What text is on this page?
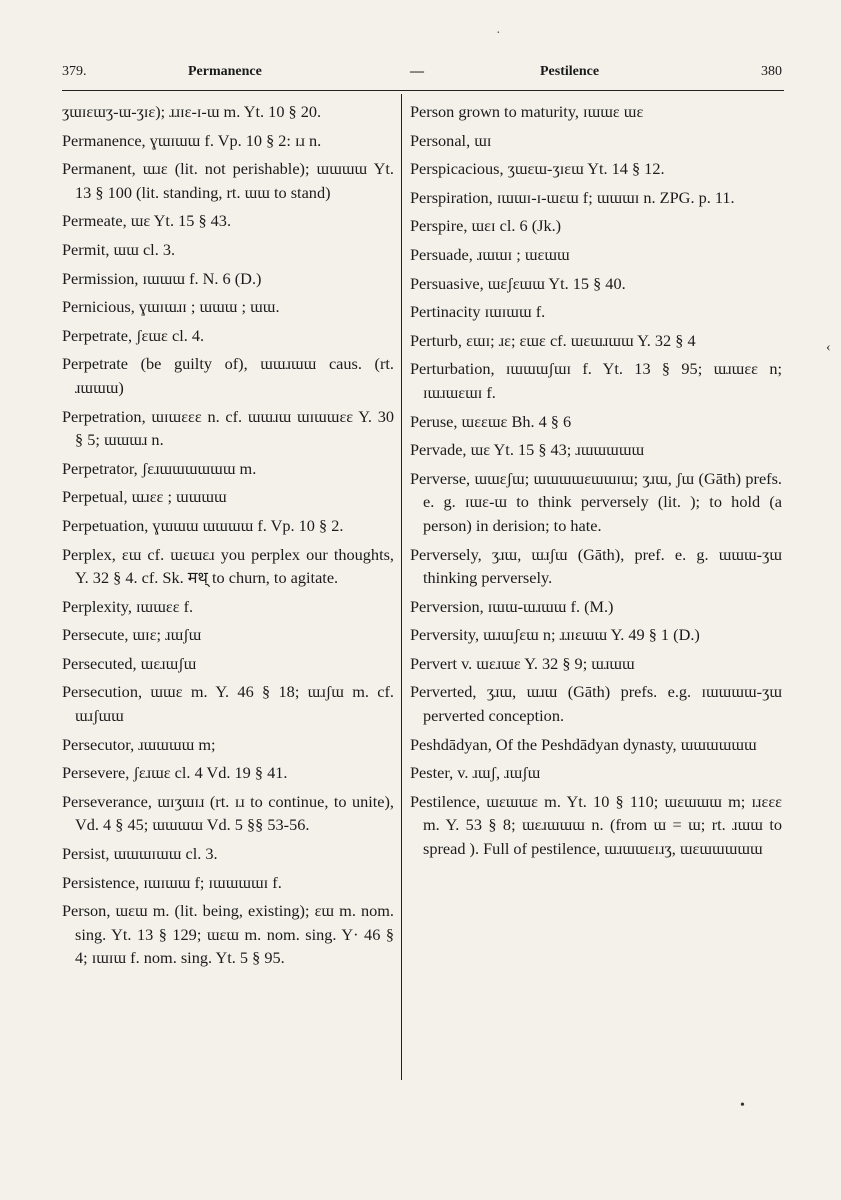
·
379.	Permanence	—	Pestilence	380

ʒɯɪɛɯʒ-ɯ-ʒɪɛ); ɹɹɪɛ-ɪ-ɯ m. Yt. 10 § 20.

Permanence, ɣɯɪɯɯ f. Vp. 10 § 2: ɪɹ n.

Permanent, ɯɹɛ (lit. not perishable); ɯɯɯɯ Yt. 13 § 100 (lit. standing, rt. ɯɯ to stand)

Permeate, ɯɛ Yt. 15 § 43.

Permit, ɯɯ cl. 3.

Permission, ɪɯɯɯ f. N. 6 (D.)

Pernicious, ɣɯɪɯɹɪ ; ɯɯɯ ; ɯɯ.

Perpetrate, ʃɛɯɛ cl. 4.

Perpetrate (be guilty of), ɯɯɹɯɯ caus. (rt. ɹɯɯɯ)

Perpetration, ɯɪɯɛɛɛ n. cf. ɯɯɹɯ ɯɪɯɯɛɛ Y. 30 § 5; ɯɯɯɹ n.

Perpetrator, ʃɛɹɯɯɯɯɯɯ m.

Perpetual, ɯɹɛɛ ; ɯɯɯɯ

Perpetuation, ɣɯɯɯ ɯɯɯɯ f. Vp. 10 § 2.

Perplex, ɛɯ cf. ɯɛɯɛɹ you perplex our thoughts, Y. 32 § 4. cf. Sk. मथ् to churn, to agitate.

Perplexity, ɪɯɯɛɛ f.

Persecute, ɯɪɛ; ɹɯʃɯ

Persecuted, ɯɛɹɯʃɯ

Persecution, ɯɯɛ m. Y. 46 § 18; ɯɹʃɯ m. cf. ɯɹʃɯɯ

Persecutor, ɹɯɯɯɯ m;

Persevere, ʃɛɹɯɛ cl. 4 Vd. 19 § 41.

Perseverance, ɯɪʒɯɪɹ (rt. ɪɹ to continue, to unite), Vd. 4 § 45; ɯɯɯɯ Vd. 5 §§ 53-56.

Persist, ɯɯɯɪɯɯ cl. 3.

Persistence, ɪɯɪɯɯ f; ɪɯɯɯɯɪ f.

Person, ɯɛɯ m. (lit. being, existing); ɛɯ m. nom. sing. Yt. 13 § 129; ɯɛɯ m. nom. sing. Y· 46 § 4; ɪɯɪɯ f. nom. sing. Yt. 5 § 95.

Person grown to maturity, ɪɯɯɛ ɯɛ

Personal, ɯɪ

Perspicacious, ʒɯɛɯ-ʒɪɛɯ Yt. 14 § 12.

Perspiration, ɪɯɯɪ-ɪ-ɯɛɯ f; ɯɯɯɪ n. ZPG. p. 11.

Perspire, ɯɛɪ cl. 6 (Jk.)

Persuade, ɹɯɯɪ ; ɯɛɯɯ

Persuasive, ɯɛʃɛɯɯ Yt. 15 § 40.

Pertinacity ɪɯɪɯɯ f.

Perturb, ɛɯɪ; ɹɛ; ɛɯɛ cf. ɯɛɯɹɯɯ Y. 32 § 4

Perturbation, ɪɯɯɯʃɯɪ f. Yt. 13 § 95; ɯɹɯɛɛ n; ɪɯɹɯɛɯɪ f.

Peruse, ɯɛɛɯɛ Bh. 4 § 6

Pervade, ɯɛ Yt. 15 § 43; ɹɯɯɯɯɯ

Perverse, ɯɯɛʃɯ; ɯɯɯɯɛɯɯɪɯ; ʒɹɯ, ʃɯ (Gāth) prefs. e. g. ɪɯɛ-ɯ to think perversely (lit. ); to hold (a person) in derision; to hate.

Perversely, ʒɹɯ, ɯɹʃɯ (Gāth), pref. e. g. ɯɯɯ-ʒɯ thinking perversely.

Perversion, ɪɯɯ-ɯɹɯɯ f. (M.)

Perversity, ɯɹɯʃɛɯ n; ɹɹɪɛɯɯ Y. 49 § 1 (D.)

Pervert v. ɯɛɹɯɛ Y. 32 § 9; ɯɹɯɯ

Perverted, ʒɹɯ, ɯɹɯ (Gāth) prefs. e.g. ɪɯɯɯɯ-ʒɯ perverted conception.

Peshdādyan, Of the Peshdādyan dynasty, ɯɯɯɯɯɯ

Pester, v. ɹɯʃ, ɹɯʃɯ

Pestilence, ɯɛɯɯɛ m. Yt. 10 § 110; ɯɛɯɯɯ m; ɪɹɛɛɛ m. Y. 53 § 8; ɯɛɹɯɯɯ n. (from ɯ = ɯ; rt. ɹɯɯ to spread ). Full of pestilence, ɯɹɯɯɛɪɹʒ, ɯɛɯɯɯɯɯ

‹
•
